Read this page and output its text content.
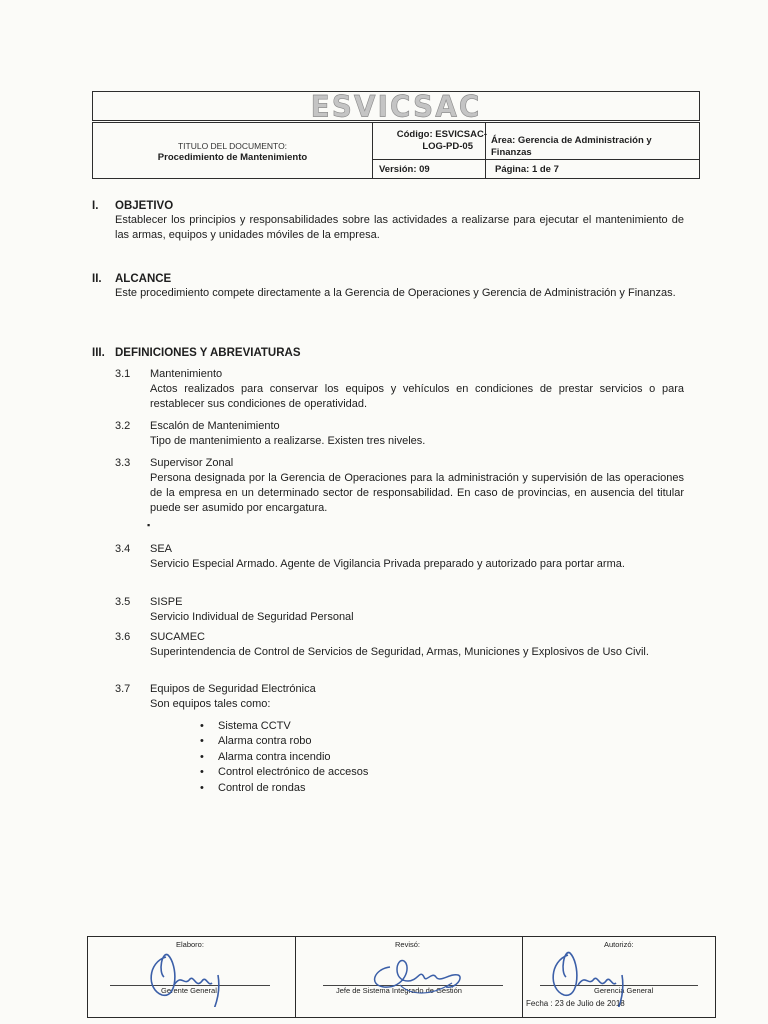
ESVICSAC
TITULO DEL DOCUMENTO:
Procedimiento de Mantenimiento
Código: ESVICSAC-
LOG-PD-05
Área: Gerencia de Administración y
Finanzas
Versión: 09	Página: 1 de 7
I.	OBJETIVO
Establecer los principios y responsabilidades sobre las actividades a realizarse para ejecutar el mantenimiento de las armas, equipos y unidades móviles de la empresa.
II.	ALCANCE
Este procedimiento compete directamente a la Gerencia de Operaciones y Gerencia de Administración y Finanzas.
III. DEFINICIONES Y ABREVIATURAS
3.1	Mantenimiento
Actos realizados para conservar los equipos y vehículos en condiciones de prestar servicios o para restablecer sus condiciones de operatividad.
3.2	Escalón de Mantenimiento
Tipo de mantenimiento a realizarse. Existen tres niveles.
3.3	Supervisor Zonal
Persona designada por la Gerencia de Operaciones para la administración y supervisión de las operaciones de la empresa en un determinado sector de responsabilidad. En caso de provincias, en ausencia del titular puede ser asumido por encargatura.
▪
3.4	SEA
Servicio Especial Armado. Agente de Vigilancia Privada preparado y autorizado para portar arma.
3.5	SISPE
Servicio Individual de Seguridad Personal
3.6	SUCAMEC
Superintendencia de Control de Servicios de Seguridad, Armas, Municiones y Explosivos de Uso Civil.
3.7	Equipos de Seguridad Electrónica
Son equipos tales como:
•	Sistema CCTV
•	Alarma contra robo
•	Alarma contra incendio
•	Control electrónico de accesos
•	Control de rondas
Elaboro:
Gerente General
Revisó:
Jefe de Sistema Integrado de Gestión
Autorizó:
Gerencia General
Fecha : 23 de Julio de 2018
